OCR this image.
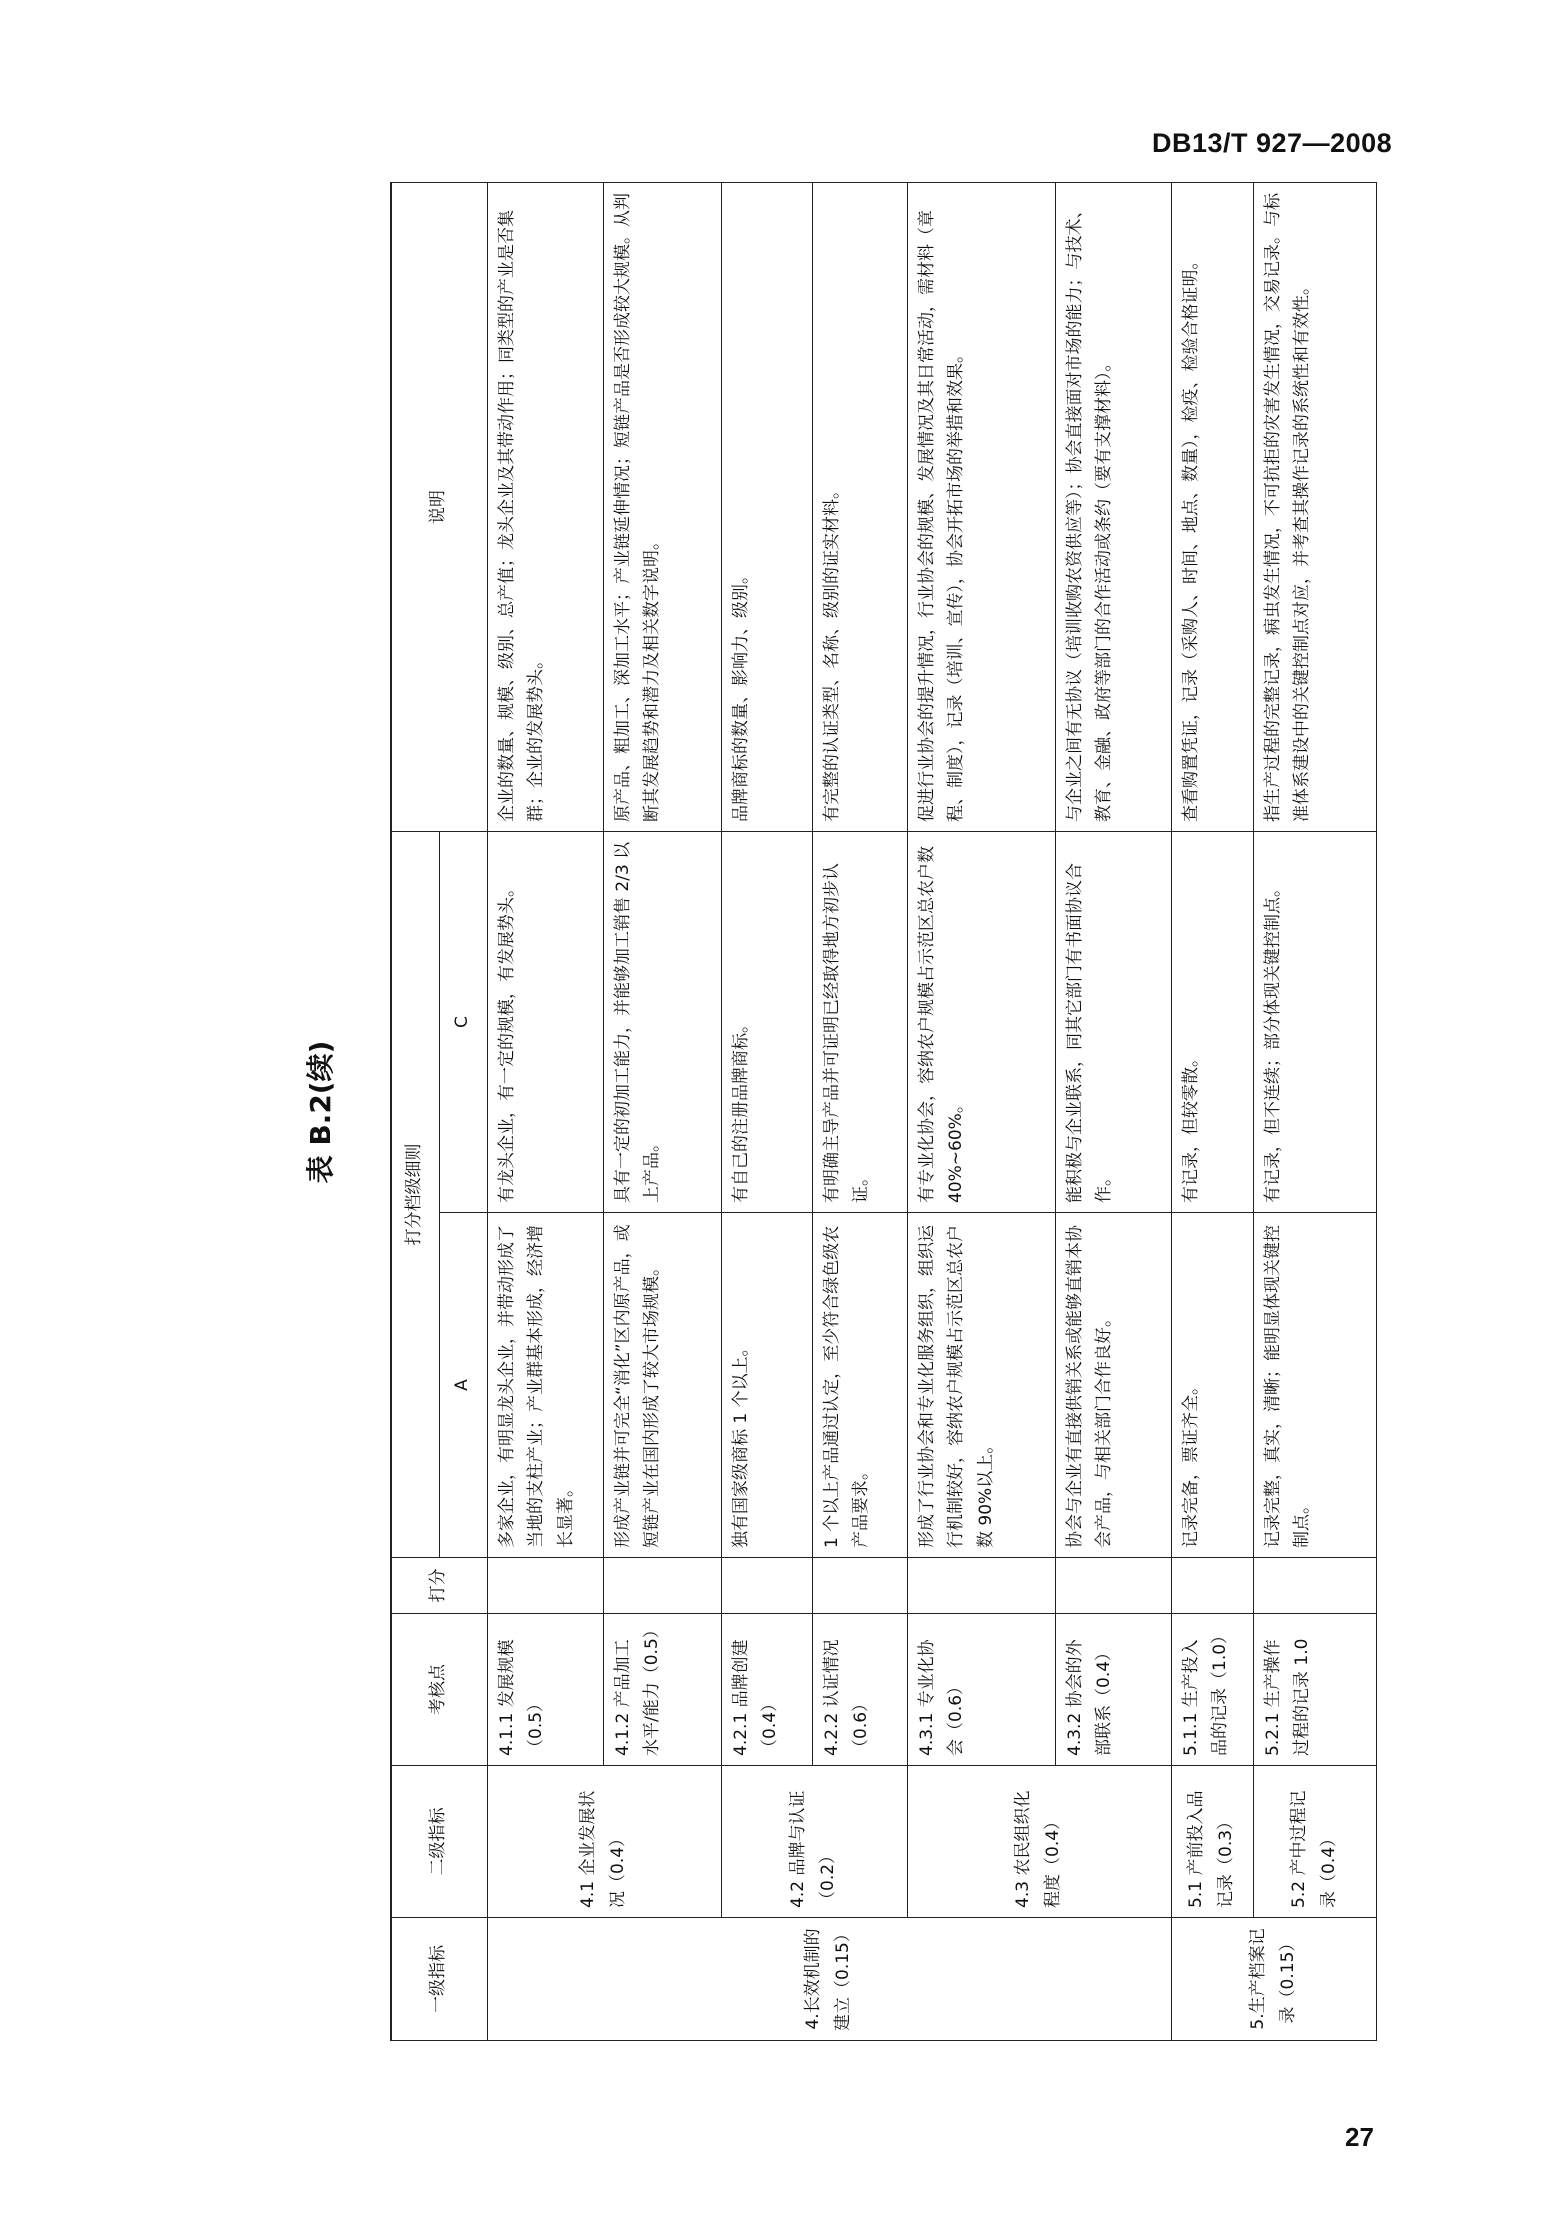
DB13/T 927—2008
表 B.2(续)
一级指标	二级指标	考核点	打分	打分档级细则		说明
				A	C	
4.长效机制的建立（0.15）	4.1 企业发展状况（0.4）	4.1.1 发展规模（0.5）		多家企业，有明显龙头企业，并带动形成了当地的支柱产业；产业群基本形成，经济增长显著。	有龙头企业，有一定的规模，有发展势头。	企业的数量、规模、级别、总产值；龙头企业及其带动作用；同类型的产业是否集群；企业的发展势头。
		4.1.2 产品加工水平/能力（0.5）		形成产业链并可完全“消化”区内原产品，或短链产业在国内形成了较大市场规模。	具有一定的初加工能力，并能够加工销售 2/3 以上产品。	原产品、粗加工、深加工水平；产业链延伸情况；短链产品是否形成较大规模。从判断其发展趋势和潜力及相关数字说明。
	4.2 品牌与认证（0.2）	4.2.1 品牌创建（0.4）		独有国家级商标 1 个以上。	有自己的注册品牌商标。	品牌商标的数量、影响力、级别。
		4.2.2 认证情况（0.6）		1 个以上产品通过认定，至少符合绿色级农产品要求。	有明确主导产品并可证明已经取得地方初步认证。	有完整的认证类型、名称、级别的证实材料。
	4.3 农民组织化程度（0.4）	4.3.1 专业化协会（0.6）		形成了行业协会和专业化服务组织，组织运行机制较好，容纳农户规模占示范区总农户数 90%以上。	有专业化协会，容纳农户规模占示范区总农户数 40%~60%。	促进行业协会的提升情况，行业协会的规模、发展情况及其日常活动，需材料（章程、制度），记录（培训、宣传），协会开拓市场的举措和效果。
		4.3.2 协会的外部联系（0.4）		协会与企业有直接供销关系或能够直销本协会产品，与相关部门合作良好。	能积极与企业联系，同其它部门有书面协议合作。	与企业之间有无协议（培训收购农资供应等）；协会直接面对市场的能力；与技术、教育、金融、政府等部门的合作活动或条约（要有支撑材料）。
5.生产档案记录（0.15）	5.1 产前投入品记录（0.3）	5.1.1 生产投入品的记录（1.0）		记录完备，票证齐全。	有记录，但较零散。	查看购置凭证，记录（采购人、时间、地点、数量），检疫、检验合格证明。
	5.2 产中过程记录（0.4）	5.2.1 生产操作过程的记录 1.0		记录完整，真实，清晰；能明显体现关键控制点。	有记录，但不连续；部分体现关键控制点。	指生产过程的完整记录，病虫发生情况，不可抗拒的灾害发生情况，交易记录。与标准体系建设中的关键控制点对应，并考查其操作记录的系统性和有效性。
27
